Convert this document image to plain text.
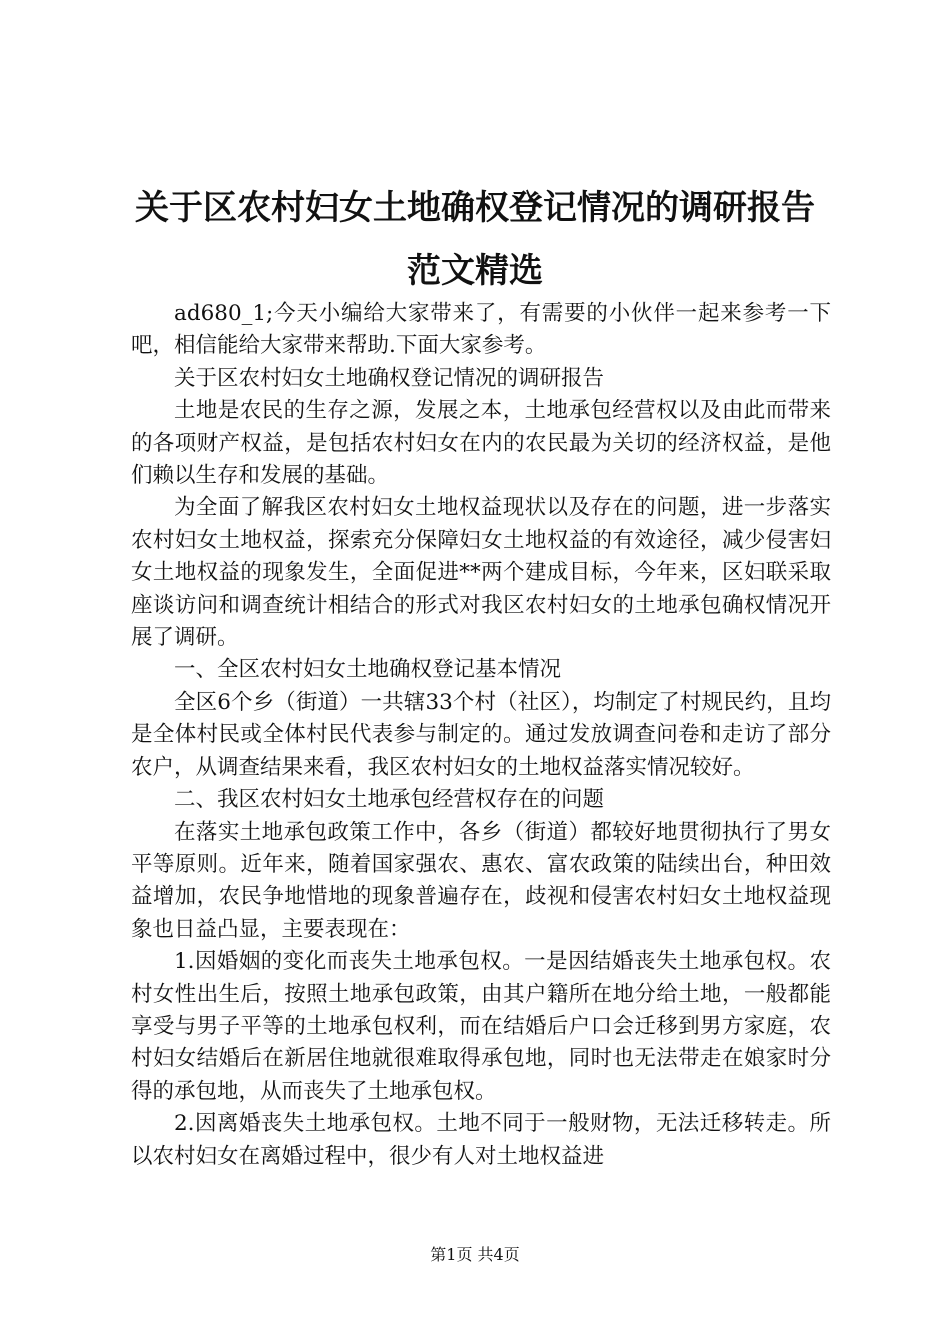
关于区农村妇女土地确权登记情况的调研报告
范文精选

ad680_1;今天小编给大家带来了，有需要的小伙伴一起来参考一下吧，相信能给大家带来帮助.下面大家参考。

关于区农村妇女土地确权登记情况的调研报告

土地是农民的生存之源，发展之本，土地承包经营权以及由此而带来的各项财产权益，是包括农村妇女在内的农民最为关切的经济权益，是他们赖以生存和发展的基础。

为全面了解我区农村妇女土地权益现状以及存在的问题，进一步落实农村妇女土地权益，探索充分保障妇女土地权益的有效途径，减少侵害妇女土地权益的现象发生，全面促进**两个建成目标，今年来，区妇联采取座谈访问和调查统计相结合的形式对我区农村妇女的土地承包确权情况开展了调研。

一、全区农村妇女土地确权登记基本情况

全区6个乡（街道）一共辖33个村（社区），均制定了村规民约，且均是全体村民或全体村民代表参与制定的。通过发放调查问卷和走访了部分农户，从调查结果来看，我区农村妇女的土地权益落实情况较好。

二、我区农村妇女土地承包经营权存在的问题

在落实土地承包政策工作中，各乡（街道）都较好地贯彻执行了男女平等原则。近年来，随着国家强农、惠农、富农政策的陆续出台，种田效益增加，农民争地惜地的现象普遍存在，歧视和侵害农村妇女土地权益现象也日益凸显，主要表现在：

1.因婚姻的变化而丧失土地承包权。一是因结婚丧失土地承包权。农村女性出生后，按照土地承包政策，由其户籍所在地分给土地，一般都能享受与男子平等的土地承包权利，而在结婚后户口会迁移到男方家庭，农村妇女结婚后在新居住地就很难取得承包地，同时也无法带走在娘家时分得的承包地，从而丧失了土地承包权。

2.因离婚丧失土地承包权。土地不同于一般财物，无法迁移转走。所以农村妇女在离婚过程中，很少有人对土地权益进

第1页 共4页
